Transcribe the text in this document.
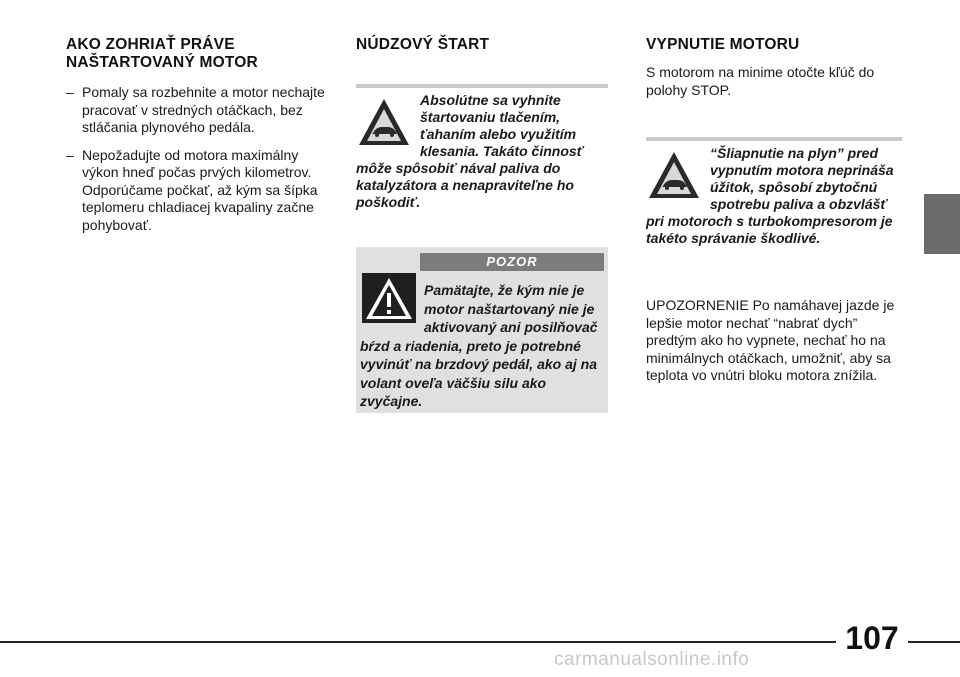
AKO ZOHRIAŤ PRÁVE NAŠTARTOVANÝ MOTOR
– Pomaly sa rozbehnite a motor nechajte pracovať v stredných otáčkach, bez stláčania plynového pedála.
– Nepožadujte od motora maximálny výkon hneď počas prvých kilometrov. Odporúčame počkať, až kým sa šípka teplomeru chladiacej kvapaliny začne pohybovať.
NÚDZOVÝ ŠTART
Absolútne sa vyhnite štartovaniu tlačením, ťahaním alebo využitím klesania. Takáto činnosť môže spôsobiť nával paliva do katalyzátora a nenapraviteľne ho poškodiť.
POZOR
Pamätajte, že kým nie je motor naštartovaný nie je aktivovaný ani posilňovač bŕzd a riadenia, preto je potrebné vyvinúť na brzdový pedál, ako aj na volant oveľa väčšiu silu ako zvyčajne.
VYPNUTIE MOTORU

S motorom na minime otočte kľúč do polohy STOP.

“Šliapnutie na plyn” pred vypnutím motora neprináša úžitok, spôsobí zbytočnú spotrebu paliva a obzvlášť pri motoroch s turbokompresorom je takéto správanie škodlivé.

UPOZORNENIE Po namáhavej jazde je lepšie motor nechať “nabrať dych” predtým ako ho vypnete, nechať ho na minimálnych otáčkach, umožniť, aby sa teplota vo vnútri bloku motora znížila.

107
carmanualsonline.info
